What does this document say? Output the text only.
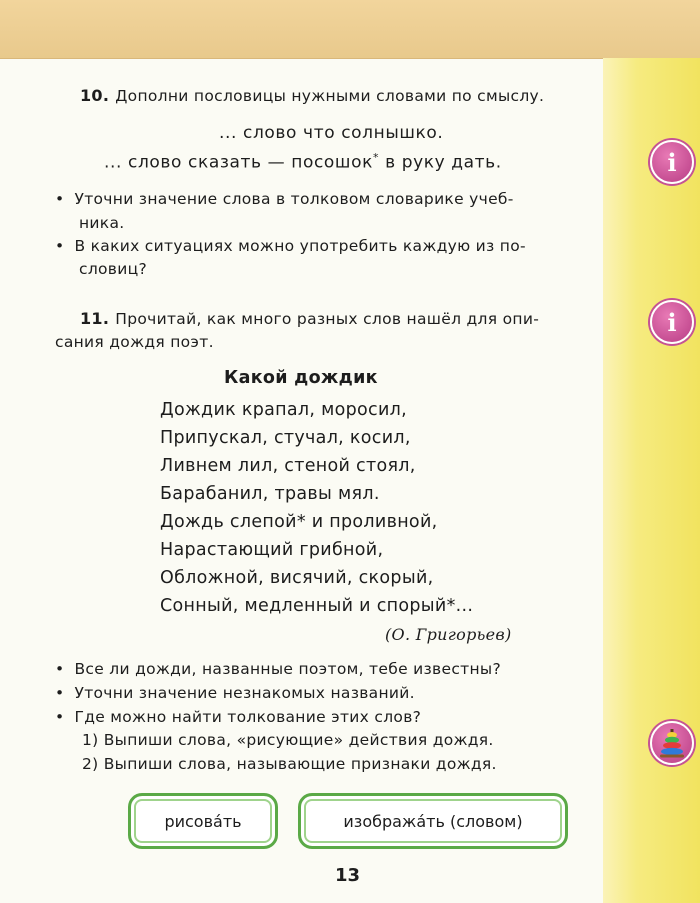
10. Дополни пословицы нужными словами по смыслу.
... слово что солнышко.
... слово сказать — посошок* в руку дать.
• Уточни значение слова в толковом словарике учеб-
ника.
• В каких ситуациях можно употребить каждую из по-
словиц?
11. Прочитай, как много разных слов нашёл для опи-
сания дождя поэт.
Какой дождик
Дождик крапал, моросил,
Припускал, стучал, косил,
Ливнем лил, стеной стоял,
Барабанил, травы мял.
Дождь слепой* и проливной,
Нарастающий грибной,
Обложной, висячий, скорый,
Сонный, медленный и спорый*...
(О. Григорьев)
• Все ли дожди, названные поэтом, тебе известны?
• Уточни значение незнакомых названий.
• Где можно найти толкование этих слов?
1) Выпиши слова, «рисующие» действия дождя.
2) Выпиши слова, называющие признаки дождя.
рисова́ть	изобража́ть (словом)
13
i
i
